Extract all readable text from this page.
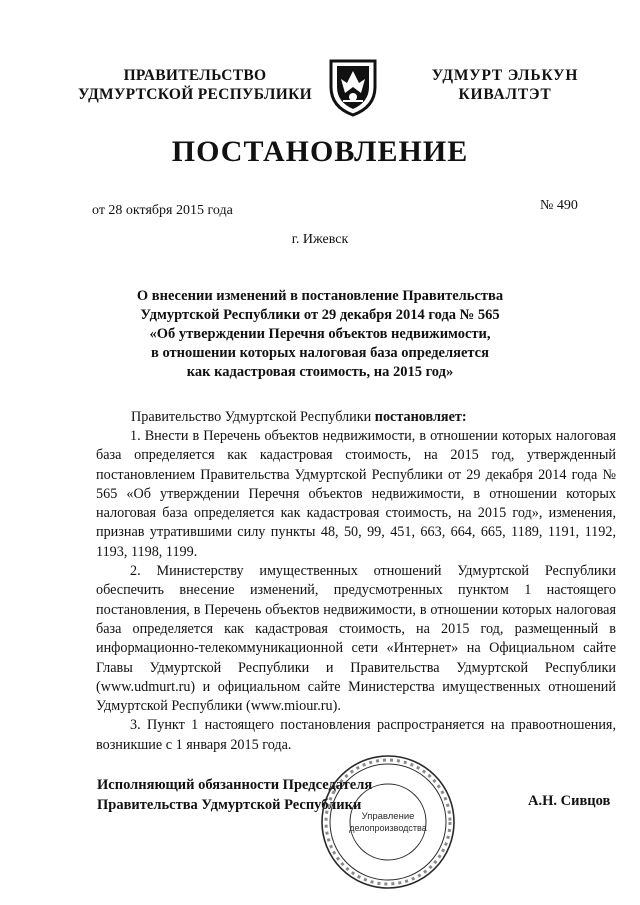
ПРАВИТЕЛЬСТВО
УДМУРТСКОЙ РЕСПУБЛИКИ
УДМУРТ ЭЛЬКУН
КИВАЛТЭТ
ПОСТАНОВЛЕНИЕ
от 28 октября 2015 года	№ 490
г. Ижевск
О внесении изменений в постановление Правительства
Удмуртской Республики от 29 декабря 2014 года № 565
«Об утверждении Перечня объектов недвижимости,
в отношении которых налоговая база определяется
как кадастровая стоимость, на 2015 год»
Правительство Удмуртской Республики постановляет:

1. Внести в Перечень объектов недвижимости, в отношении которых налоговая база определяется как кадастровая стоимость, на 2015 год, утвержденный постановлением Правительства Удмуртской Республики от 29 декабря 2014 года № 565 «Об утверждении Перечня объектов недвижимости, в отношении которых налоговая база определяется как кадастровая стоимость, на 2015 год», изменения, признав утратившими силу пункты 48, 50, 99, 451, 663, 664, 665, 1189, 1191, 1192, 1193, 1198, 1199.

2. Министерству имущественных отношений Удмуртской Республики обеспечить внесение изменений, предусмотренных пунктом 1 настоящего постановления, в Перечень объектов недвижимости, в отношении которых налоговая база определяется как кадастровая стоимость, на 2015 год, размещенный в информационно-телекоммуникационной сети «Интернет» на Официальном сайте Главы Удмуртской Республики и Правительства Удмуртской Республики (www.udmurt.ru) и официальном сайте Министерства имущественных отношений Удмуртской Республики (www.miour.ru).

3. Пункт 1 настоящего постановления распространяется на правоотношения, возникшие с 1 января 2015 года.

Исполняющий обязанности Председателя
Правительства Удмуртской Республики	А.Н. Сивцов
Управление
делопроизводства
